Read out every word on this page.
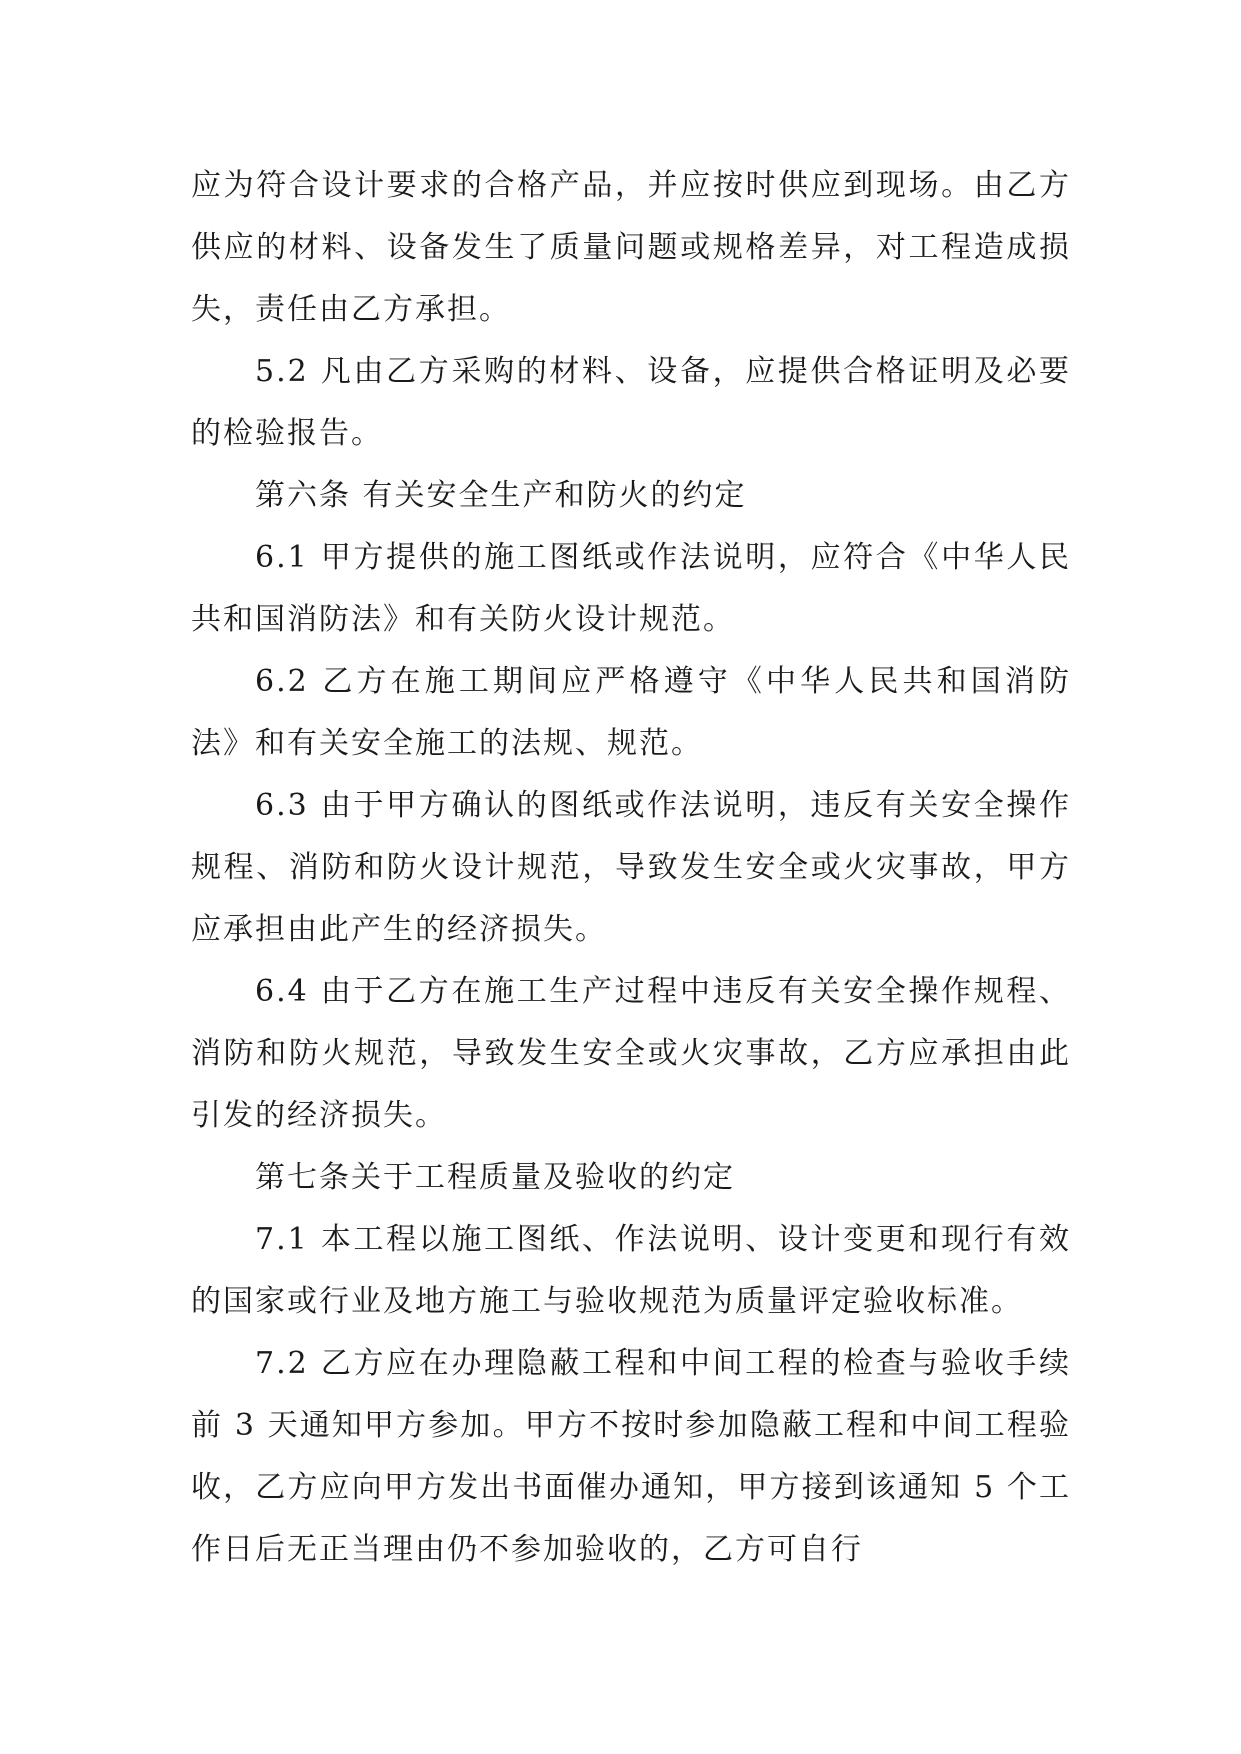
应为符合设计要求的合格产品，并应按时供应到现场。由乙方供应的材料、设备发生了质量问题或规格差异，对工程造成损失，责任由乙方承担。

5.2 凡由乙方采购的材料、设备，应提供合格证明及必要的检验报告。

第六条 有关安全生产和防火的约定

6.1 甲方提供的施工图纸或作法说明，应符合《中华人民共和国消防法》和有关防火设计规范。

6.2 乙方在施工期间应严格遵守《中华人民共和国消防法》和有关安全施工的法规、规范。

6.3 由于甲方确认的图纸或作法说明，违反有关安全操作规程、消防和防火设计规范，导致发生安全或火灾事故，甲方应承担由此产生的经济损失。

6.4 由于乙方在施工生产过程中违反有关安全操作规程、消防和防火规范，导致发生安全或火灾事故，乙方应承担由此引发的经济损失。

第七条关于工程质量及验收的约定

7.1 本工程以施工图纸、作法说明、设计变更和现行有效的国家或行业及地方施工与验收规范为质量评定验收标准。

7.2 乙方应在办理隐蔽工程和中间工程的检查与验收手续前 3 天通知甲方参加。甲方不按时参加隐蔽工程和中间工程验收，乙方应向甲方发出书面催办通知，甲方接到该通知 5 个工作日后无正当理由仍不参加验收的，乙方可自行
